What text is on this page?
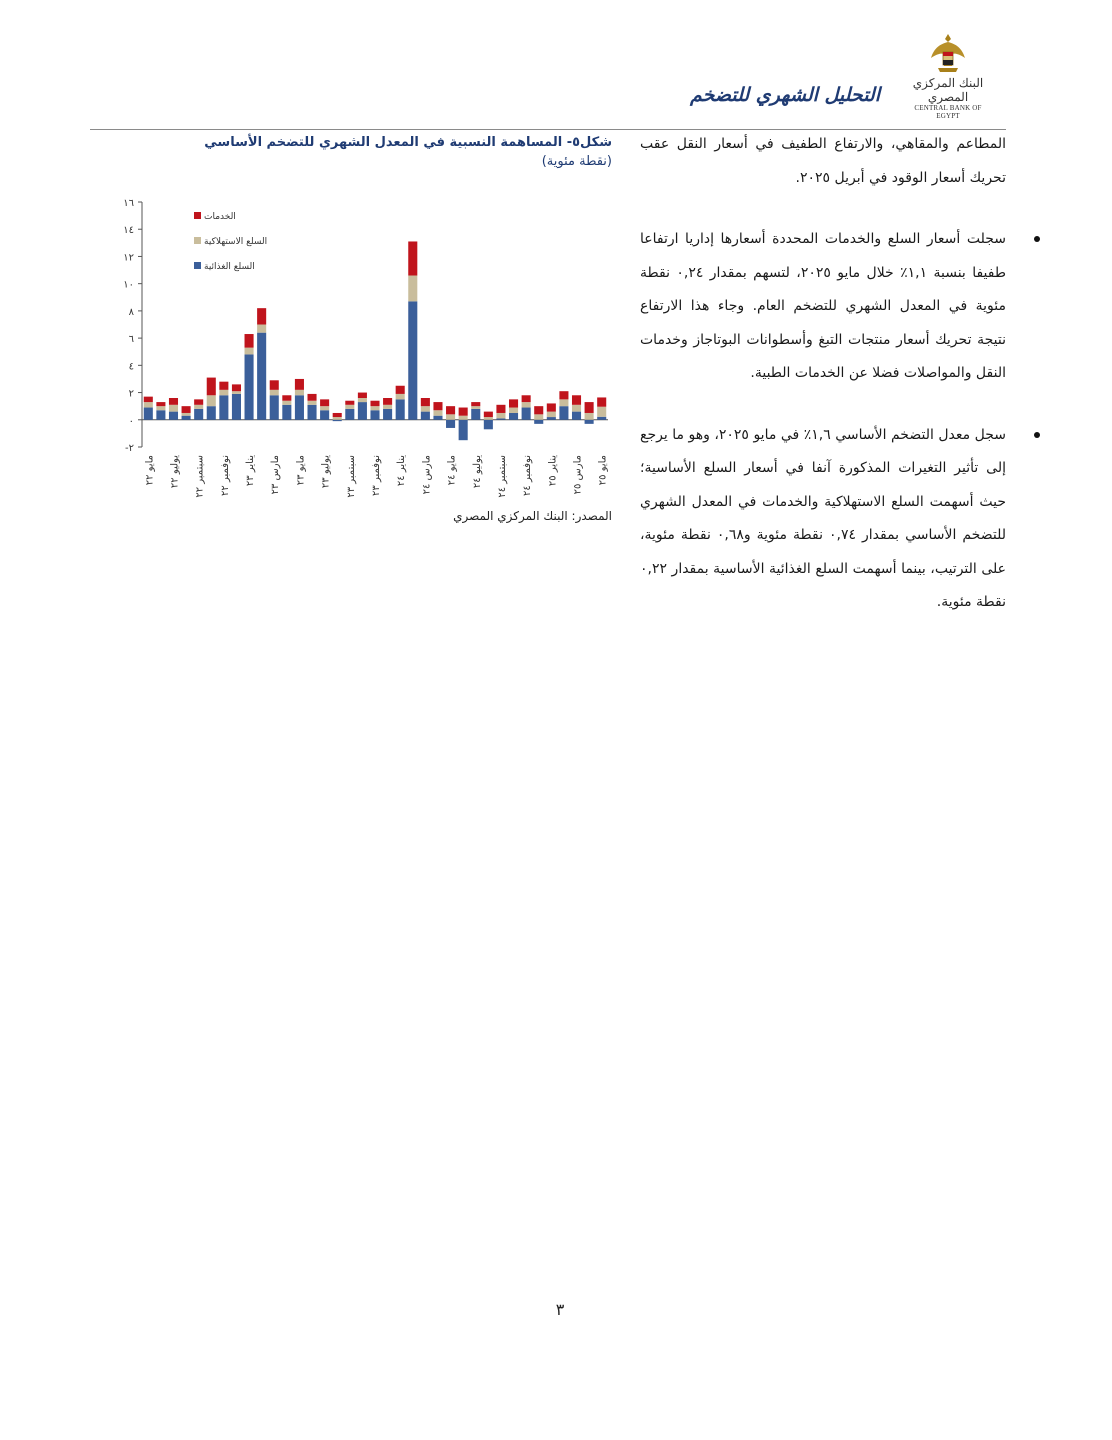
البنك المركزي المصري
CENTRAL BANK OF EGYPT
التحليل الشهري للتضخم

المطاعم والمقاهي، والارتفاع الطفيف في أسعار النقل عقب تحريك أسعار الوقود في أبريل ٢٠٢٥.

سجلت أسعار السلع والخدمات المحددة أسعارها إداريا ارتفاعا طفيفا بنسبة ١,١٪ خلال مايو ٢٠٢٥، لتسهم بمقدار ٠,٢٤ نقطة مئوية في المعدل الشهري للتضخم العام. وجاء هذا الارتفاع نتيجة تحريك أسعار منتجات التبغ وأسطوانات البوتاجاز وخدمات النقل والمواصلات فضلا عن الخدمات الطبية.

سجل معدل التضخم الأساسي ١,٦٪ في مايو ٢٠٢٥، وهو ما يرجع إلى تأثير التغيرات المذكورة آنفا في أسعار السلع الأساسية؛ حيث أسهمت السلع الاستهلاكية والخدمات في المعدل الشهري للتضخم الأساسي بمقدار ٠,٧٤ نقطة مئوية و٠,٦٨ نقطة مئوية، على الترتيب، بينما أسهمت السلع الغذائية الأساسية بمقدار ٠,٢٢ نقطة مئوية.

شكل٥- المساهمة النسبية في المعدل الشهري للتضخم الأساسي
(نقطة مئوية)
-٢
٠
٢
٤
٦
٨
١٠
١٢
١٤
١٦
مايو ٢٢
يوليو ٢٢
سبتمبر ٢٢
نوفمبر ٢٢ يناير ٢٣
مارس ٢٣ مايو ٢٣
يوليو ٢٣
سبتمبر ٢٣
نوفمبر ٢٣ يناير ٢٤
مارس ٢٤ مايو ٢٤
يوليو ٢٤
سبتمبر ٢٤
نوفمبر ٢٤ يناير ٢٥
مارس ٢٥ مايو ٢٥
الخدمات
السلع الاستهلاكية
السلع الغذائية
المصدر: البنك المركزي المصري
٣
